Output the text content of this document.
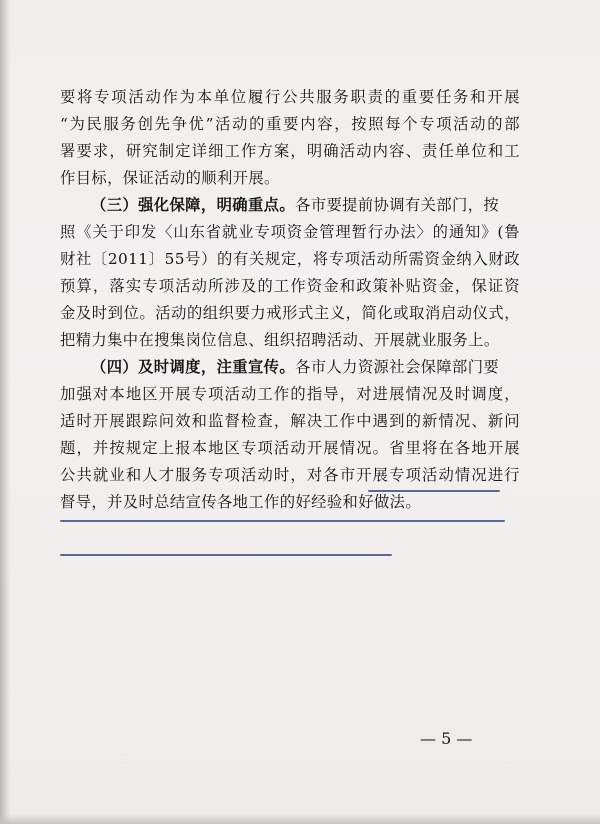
要将专项活动作为本单位履行公共服务职责的重要任务和开展
“为民服务创先争优”活动的重要内容，按照每个专项活动的部
署要求，研究制定详细工作方案，明确活动内容、责任单位和工
作目标，保证活动的顺利开展。
（三）强化保障，明确重点。各市要提前协调有关部门，按
照《关于印发〈山东省就业专项资金管理暂行办法〉的通知》(鲁
财社〔2011〕55号）的有关规定，将专项活动所需资金纳入财政
预算，落实专项活动所涉及的工作资金和政策补贴资金，保证资
金及时到位。活动的组织要力戒形式主义，简化或取消启动仪式，
把精力集中在搜集岗位信息、组织招聘活动、开展就业服务上。
（四）及时调度，注重宣传。各市人力资源社会保障部门要
加强对本地区开展专项活动工作的指导，对进展情况及时调度，
适时开展跟踪问效和监督检查，解决工作中遇到的新情况、新问
题，并按规定上报本地区专项活动开展情况。省里将在各地开展
公共就业和人才服务专项活动时，对各市开展专项活动情况进行
督导，并及时总结宣传各地工作的好经验和好做法。
— 5 —
